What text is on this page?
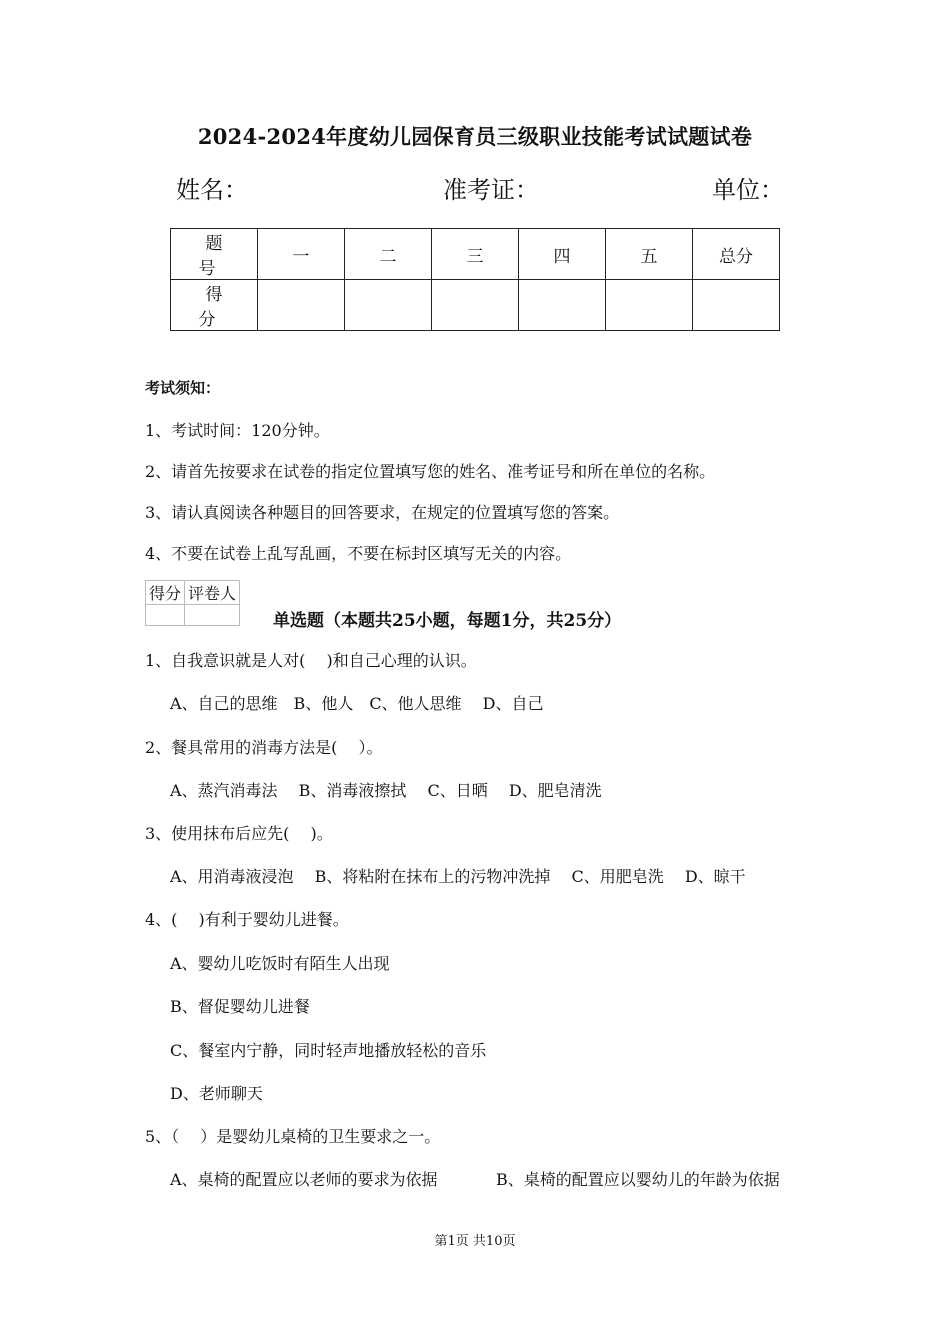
2024-2024年度幼儿园保育员三级职业技能考试试题试卷
姓名：	准考证：	单位：
题 号	一	二	三	四	五	总分
得 分						
考试须知：
1、考试时间：120分钟。
2、请首先按要求在试卷的指定位置填写您的姓名、准考证号和所在单位的名称。
3、请认真阅读各种题目的回答要求，在规定的位置填写您的答案。
4、不要在试卷上乱写乱画，不要在标封区填写无关的内容。
得分	评卷人

单选题（本题共25小题，每题1分，共25分）
1、自我意识就是人对(　 )和自己心理的认识。
A、自己的思维　B、他人　C、他人思维　 D、自己
2、餐具常用的消毒方法是(　 ）。
A、蒸汽消毒法　 B、消毒液擦拭　 C、日晒　 D、肥皂清洗
3、使用抹布后应先(　 )。
A、用消毒液浸泡　 B、将粘附在抹布上的污物冲洗掉　 C、用肥皂洗　 D、晾干
4、(　 )有利于婴幼儿进餐。
A、婴幼儿吃饭时有陌生人出现
B、督促婴幼儿进餐
C、餐室内宁静，同时轻声地播放轻松的音乐
D、老师聊天
5、（　 ）是婴幼儿桌椅的卫生要求之一。
A、桌椅的配置应以老师的要求为依据	B、桌椅的配置应以婴幼儿的年龄为依据
第1页 共10页
